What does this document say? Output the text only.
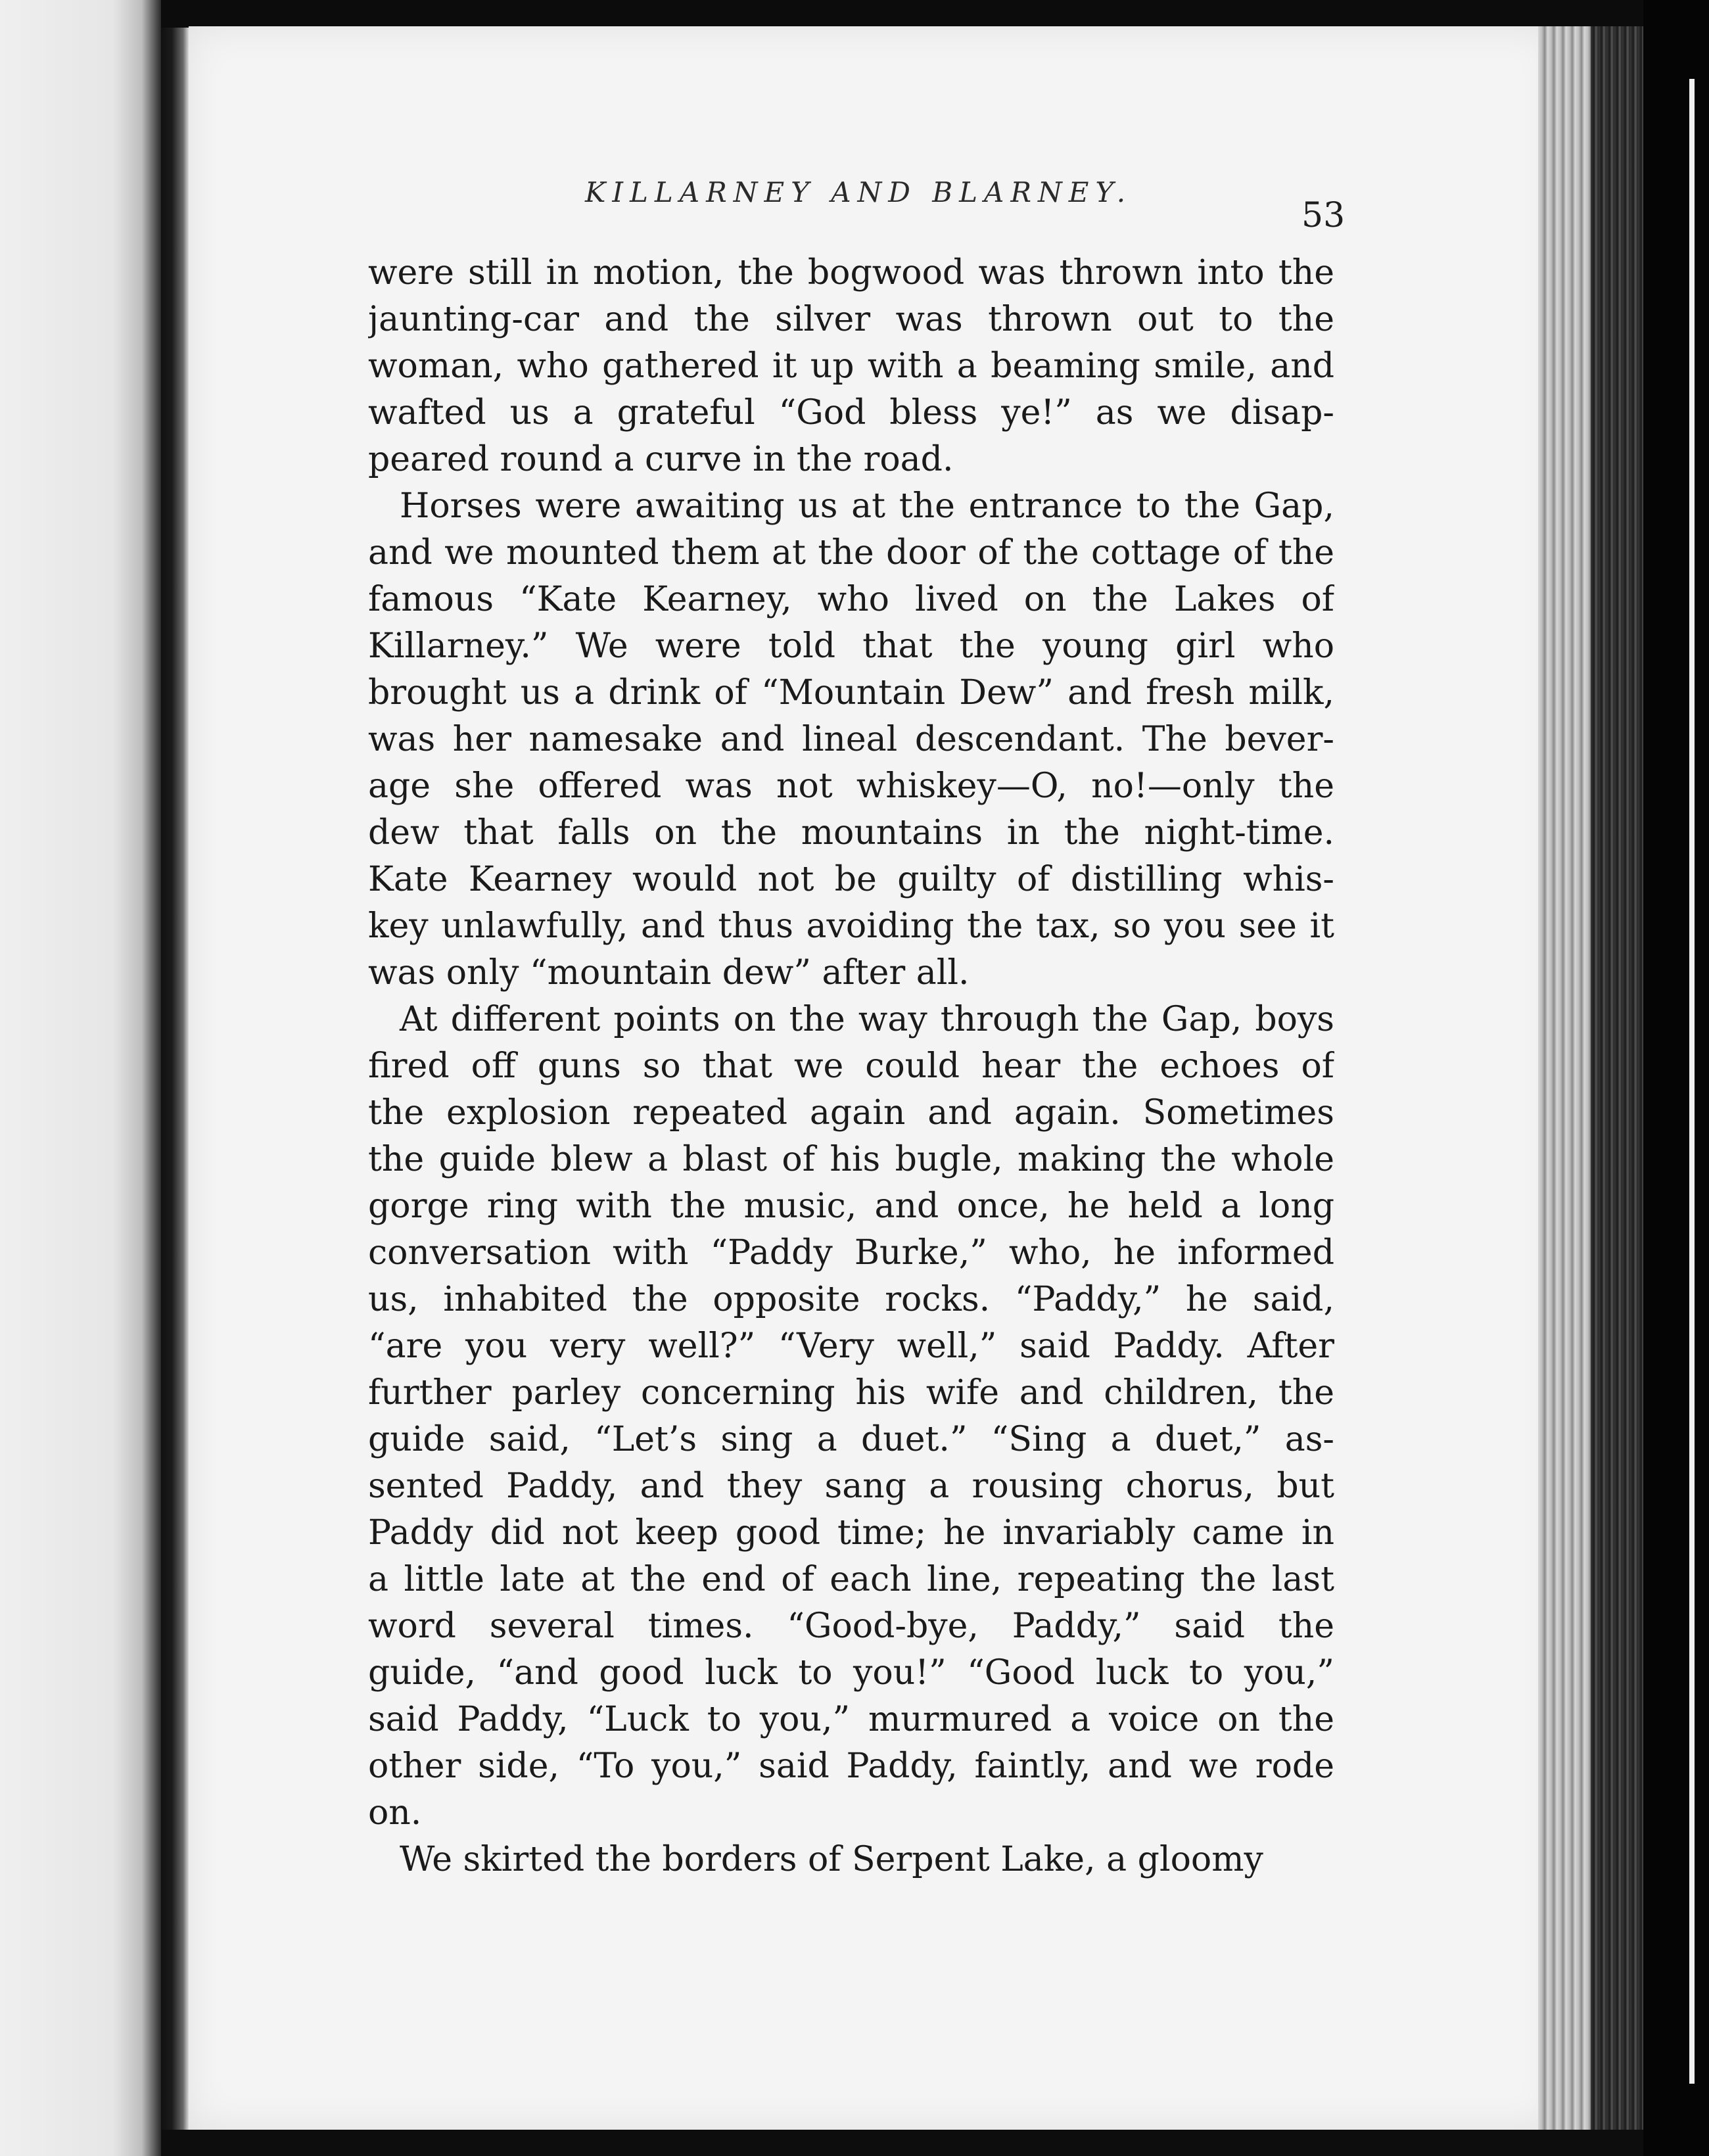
KILLARNEY AND BLARNEY.
53
were still in motion, the bogwood was thrown into the
jaunting-car and the silver was thrown out to the
woman, who gathered it up with a beaming smile, and
wafted us a grateful “God bless ye!” as we disap-
peared round a curve in the road.
Horses were awaiting us at the entrance to the Gap,
and we mounted them at the door of the cottage of the
famous “Kate Kearney, who lived on the Lakes of
Killarney.” We were told that the young girl who
brought us a drink of “Mountain Dew” and fresh milk,
was her namesake and lineal descendant. The bever-
age she offered was not whiskey—O, no!—only the
dew that falls on the mountains in the night-time.
Kate Kearney would not be guilty of distilling whis-
key unlawfully, and thus avoiding the tax, so you see it
was only “mountain dew” after all.
At different points on the way through the Gap, boys
fired off guns so that we could hear the echoes of
the explosion repeated again and again. Sometimes
the guide blew a blast of his bugle, making the whole
gorge ring with the music, and once, he held a long
conversation with “Paddy Burke,” who, he informed
us, inhabited the opposite rocks. “Paddy,” he said,
“are you very well?” “Very well,” said Paddy. After
further parley concerning his wife and children, the
guide said, “Let’s sing a duet.” “Sing a duet,” as-
sented Paddy, and they sang a rousing chorus, but
Paddy did not keep good time; he invariably came in
a little late at the end of each line, repeating the last
word several times. “Good-bye, Paddy,” said the
guide, “and good luck to you!” “Good luck to you,”
said Paddy, “Luck to you,” murmured a voice on the
other side, “To you,” said Paddy, faintly, and we rode
on.
We skirted the borders of Serpent Lake, a gloomy
